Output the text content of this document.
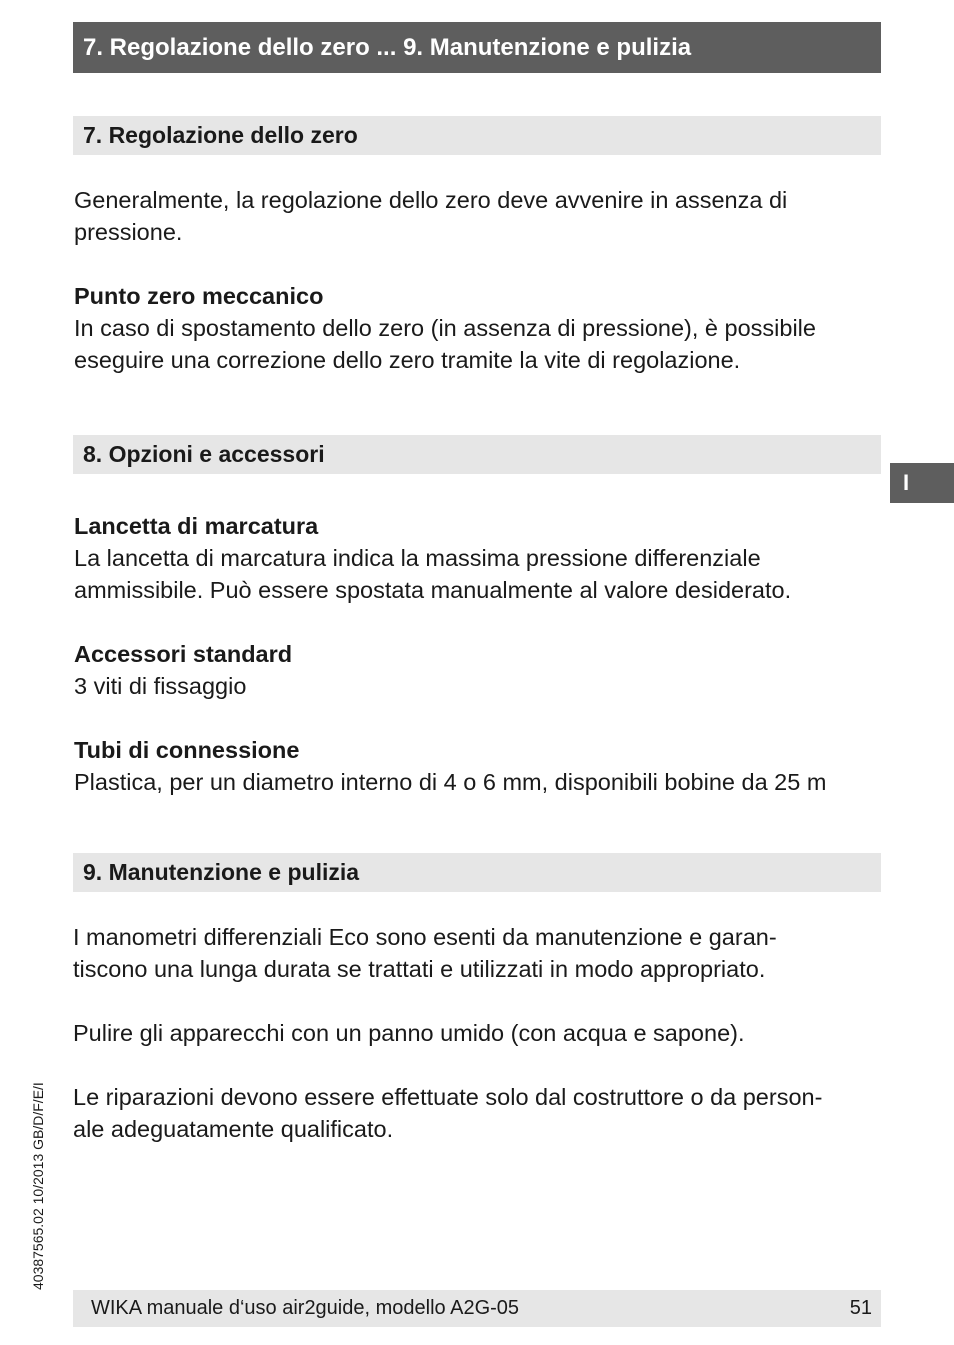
7. Regolazione dello zero ... 9. Manutenzione e pulizia
7. Regolazione dello zero

Generalmente, la regolazione dello zero deve avvenire in assenza di
pressione.

Punto zero meccanico
In caso di spostamento dello zero (in assenza di pressione), è possibile
eseguire una correzione dello zero tramite la vite di regolazione.

8. Opzioni e accessori

Lancetta di marcatura
La lancetta di marcatura indica la massima pressione differenziale
ammissibile. Può essere spostata manualmente al valore desiderato.

Accessori standard
3 viti di fissaggio

Tubi di connessione
Plastica, per un diametro interno di 4 o 6 mm, disponibili bobine da 25 m

9. Manutenzione e pulizia

I manometri differenziali Eco sono esenti da manutenzione e garan-
tiscono una lunga durata se trattati e utilizzati in modo appropriato.

Pulire gli apparecchi con un panno umido (con acqua e sapone).

Le riparazioni devono essere effettuate solo dal costruttore o da person-
ale adeguatamente qualificato.

I
40387565.02 10/2013 GB/D/F/E/I
WIKA manuale d‘uso air2guide, modello A2G-05	51
